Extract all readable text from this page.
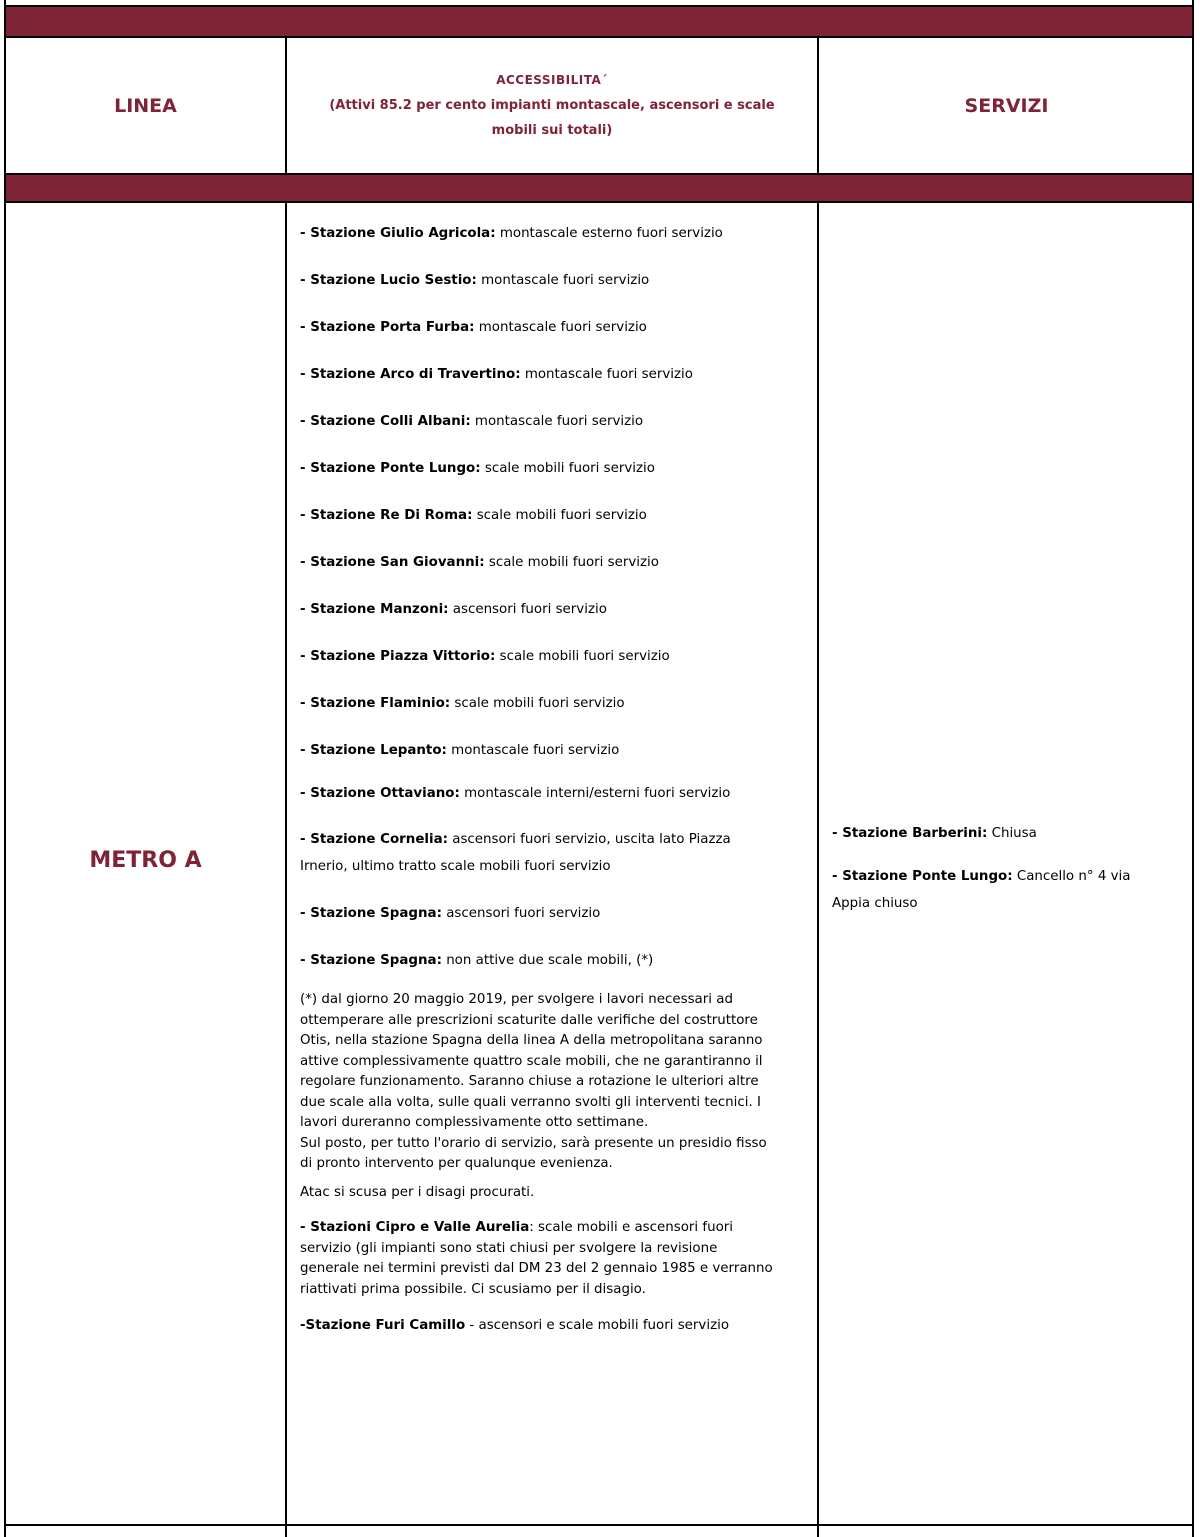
LINEA
ACCESSIBILITA´
(Attivi 85.2 per cento impianti montascale, ascensori e scale mobili sui totali)
SERVIZI
METRO A

- Stazione Giulio Agricola: montascale esterno fuori servizio

- Stazione Lucio Sestio: montascale fuori servizio

- Stazione Porta Furba: montascale fuori servizio

- Stazione Arco di Travertino: montascale fuori servizio

- Stazione Colli Albani: montascale fuori servizio

- Stazione Ponte Lungo: scale mobili fuori servizio

- Stazione Re Di Roma: scale mobili fuori servizio

- Stazione San Giovanni: scale mobili fuori servizio

- Stazione Manzoni: ascensori fuori servizio

- Stazione Piazza Vittorio: scale mobili fuori servizio

- Stazione Flaminio: scale mobili fuori servizio

- Stazione Lepanto: montascale fuori servizio

- Stazione Ottaviano: montascale interni/esterni fuori servizio

- Stazione Cornelia: ascensori fuori servizio, uscita lato Piazza Irnerio, ultimo tratto scale mobili fuori servizio

- Stazione Spagna: ascensori fuori servizio

- Stazione Spagna: non attive due scale mobili, (*)

(*) dal giorno 20 maggio 2019, per svolgere i lavori necessari ad ottemperare alle prescrizioni scaturite dalle verifiche del costruttore Otis, nella stazione Spagna della linea A della metropolitana saranno attive complessivamente quattro scale mobili, che ne garantiranno il regolare funzionamento. Saranno chiuse a rotazione le ulteriori altre due scale alla volta, sulle quali verranno svolti gli interventi tecnici. I lavori dureranno complessivamente otto settimane.
Sul posto, per tutto l'orario di servizio, sarà presente un presidio fisso di pronto intervento per qualunque evenienza.

Atac si scusa per i disagi procurati.

- Stazioni Cipro e Valle Aurelia: scale mobili e ascensori fuori servizio (gli impianti sono stati chiusi per svolgere la revisione generale nei termini previsti dal DM 23 del 2 gennaio 1985 e verranno riattivati prima possibile. Ci scusiamo per il disagio.

-Stazione Furi Camillo - ascensori e scale mobili fuori servizio

- Stazione Barberini: Chiusa

- Stazione Ponte Lungo: Cancello n° 4 via Appia chiuso
